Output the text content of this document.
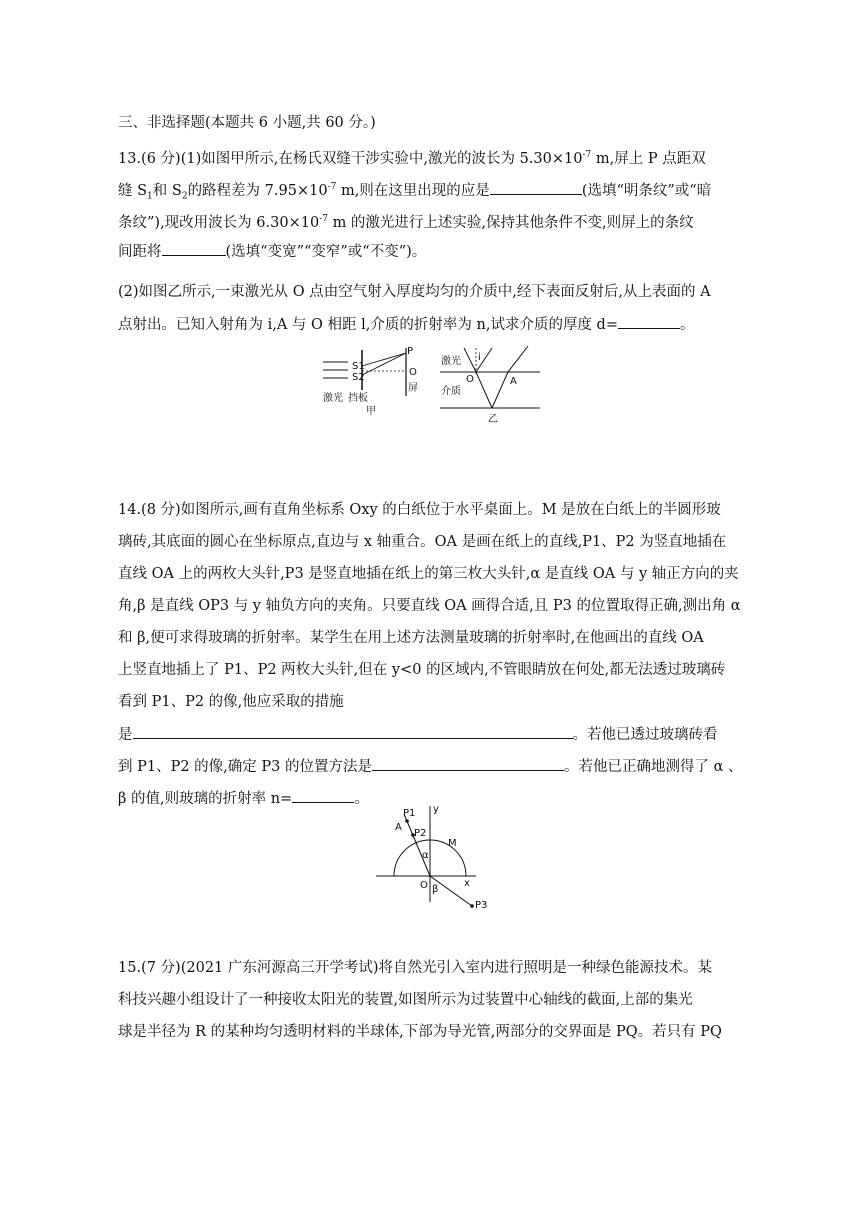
三、非选择题(本题共 6 小题,共 60 分。)
13.(6 分)(1)如图甲所示,在杨氏双缝干涉实验中,激光的波长为 $5.30\times 10^{-7}$ m,屏上 P 点距双
缝 $S_1$和 $S_2$的路程差为 $7.95\times 10^{-7}$ m,则在这里出现的应是	(选填“明条纹”或“暗
条纹”),现改用波长为 $6.30\times 10^{-7}$ m 的激光进行上述实验,保持其他条件不变,则屏上的条纹
间距将	(选填“变宽”“变窄”或“不变”)。
(2)如图乙所示,一束激光从 O 点由空气射入厚度均匀的介质中,经下表面反射后,从上表面的 A
点射出。已知入射角为 i,A 与 O 相距 l,介质的折射率为 n,试求介质的厚度 d=	。
P
S1
S2	O
屏
激光 挡板
甲
激光 i
O	A
介质
乙
14.(8 分)如图所示,画有直角坐标系 Oxy 的白纸位于水平桌面上。M 是放在白纸上的半圆形玻
璃砖,其底面的圆心在坐标原点,直边与 x 轴重合。OA 是画在纸上的直线,P1、P2 为竖直地插在
直线 OA 上的两枚大头针,P3 是竖直地插在纸上的第三枚大头针,α 是直线 OA 与 y 轴正方向的夹
角,β 是直线 OP3 与 y 轴负方向的夹角。只要直线 OA 画得合适,且 P3 的位置取得正确,测出角 α
和 β,便可求得玻璃的折射率。某学生在用上述方法测量玻璃的折射率时,在他画出的直线 OA
上竖直地插上了 P1、P2 两枚大头针,但在 y<0 的区域内,不管眼睛放在何处,都无法透过玻璃砖
看到 P1、P2 的像,他应采取的措施
是	。若他已透过玻璃砖看
到 P1、P2 的像,确定 P3 的位置方法是	。若他已正确地测得了 α 、
β 的值,则玻璃的折射率 n=	。
y
x
O
A
P1
P2
P3
M
α
β
15.(7 分)(2021 广东河源高三开学考试)将自然光引入室内进行照明是一种绿色能源技术。某
科技兴趣小组设计了一种接收太阳光的装置,如图所示为过装置中心轴线的截面,上部的集光
球是半径为 R 的某种均匀透明材料的半球体,下部为导光管,两部分的交界面是 PQ。若只有 PQ
